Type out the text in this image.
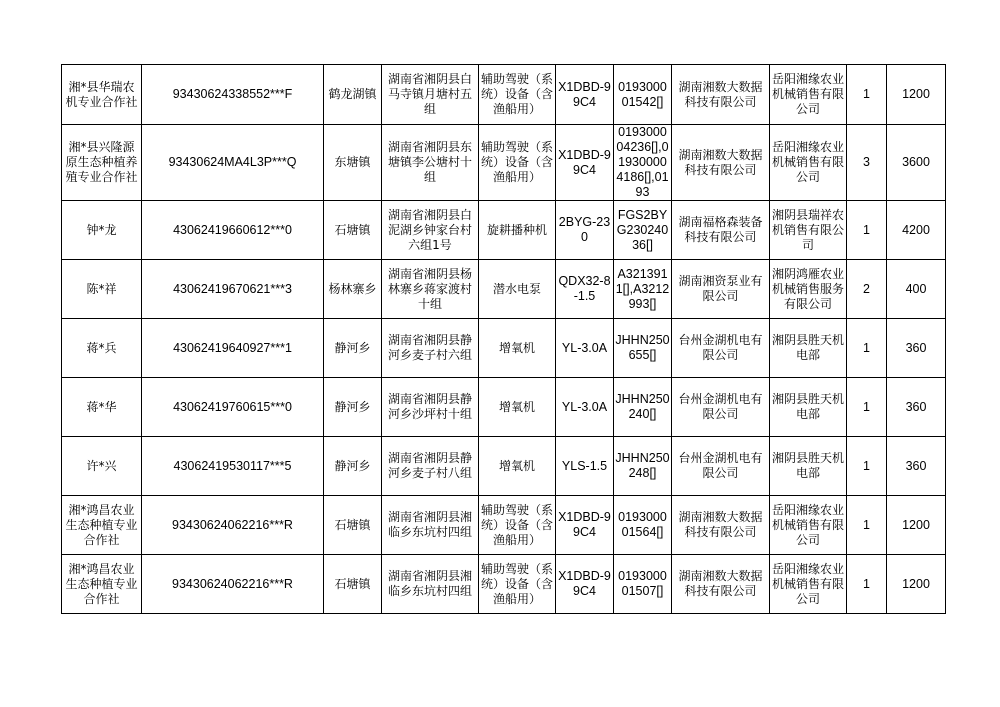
湘*县华瑞农机专业合作社	93430624338552***F	鹤龙湖镇	湖南省湘阴县白马寺镇月塘村五组	辅助驾驶（系统）设备（含渔船用）	X1DBD-99C4	019300001542[]	湖南湘数大数据科技有限公司	岳阳湘缘农业机械销售有限公司	1	1200
湘*县兴隆源原生态种植养殖专业合作社	93430624MA4L3P***Q	东塘镇	湖南省湘阴县东塘镇李公塘村十组	辅助驾驶（系统）设备（含渔船用）	X1DBD-99C4	019300004236[],019300004186[],0193	湖南湘数大数据科技有限公司	岳阳湘缘农业机械销售有限公司	3	3600
钟*龙	43062419660612***0	石塘镇	湖南省湘阴县白泥湖乡钟家台村六组1号	旋耕播种机	2BYG-230	FGS2BYG23024036[]	湖南福格森装备科技有限公司	湘阴县瑞祥农机销售有限公司	1	4200
陈*祥	43062419670621***3	杨林寨乡	湖南省湘阴县杨林寨乡蒋家渡村十组	潜水电泵	QDX32-8-1.5	A3213911[],A3212993[]	湖南湘资泵业有限公司	湘阴鸿雁农业机械销售服务有限公司	2	400
蒋*兵	43062419640927***1	静河乡	湖南省湘阴县静河乡麦子村六组	增氧机	YL-3.0A	JHHN250655[]	台州金湖机电有限公司	湘阴县胜天机电部	1	360
蒋*华	43062419760615***0	静河乡	湖南省湘阴县静河乡沙坪村十组	增氧机	YL-3.0A	JHHN250240[]	台州金湖机电有限公司	湘阴县胜天机电部	1	360
许*兴	43062419530117***5	静河乡	湖南省湘阴县静河乡麦子村八组	增氧机	YLS-1.5	JHHN250248[]	台州金湖机电有限公司	湘阴县胜天机电部	1	360
湘*鸿昌农业生态种植专业合作社	93430624062216***R	石塘镇	湖南省湘阴县湘临乡东坑村四组	辅助驾驶（系统）设备（含渔船用）	X1DBD-99C4	019300001564[]	湖南湘数大数据科技有限公司	岳阳湘缘农业机械销售有限公司	1	1200
湘*鸿昌农业生态种植专业合作社	93430624062216***R	石塘镇	湖南省湘阴县湘临乡东坑村四组	辅助驾驶（系统）设备（含渔船用）	X1DBD-99C4	019300001507[]	湖南湘数大数据科技有限公司	岳阳湘缘农业机械销售有限公司	1	1200
